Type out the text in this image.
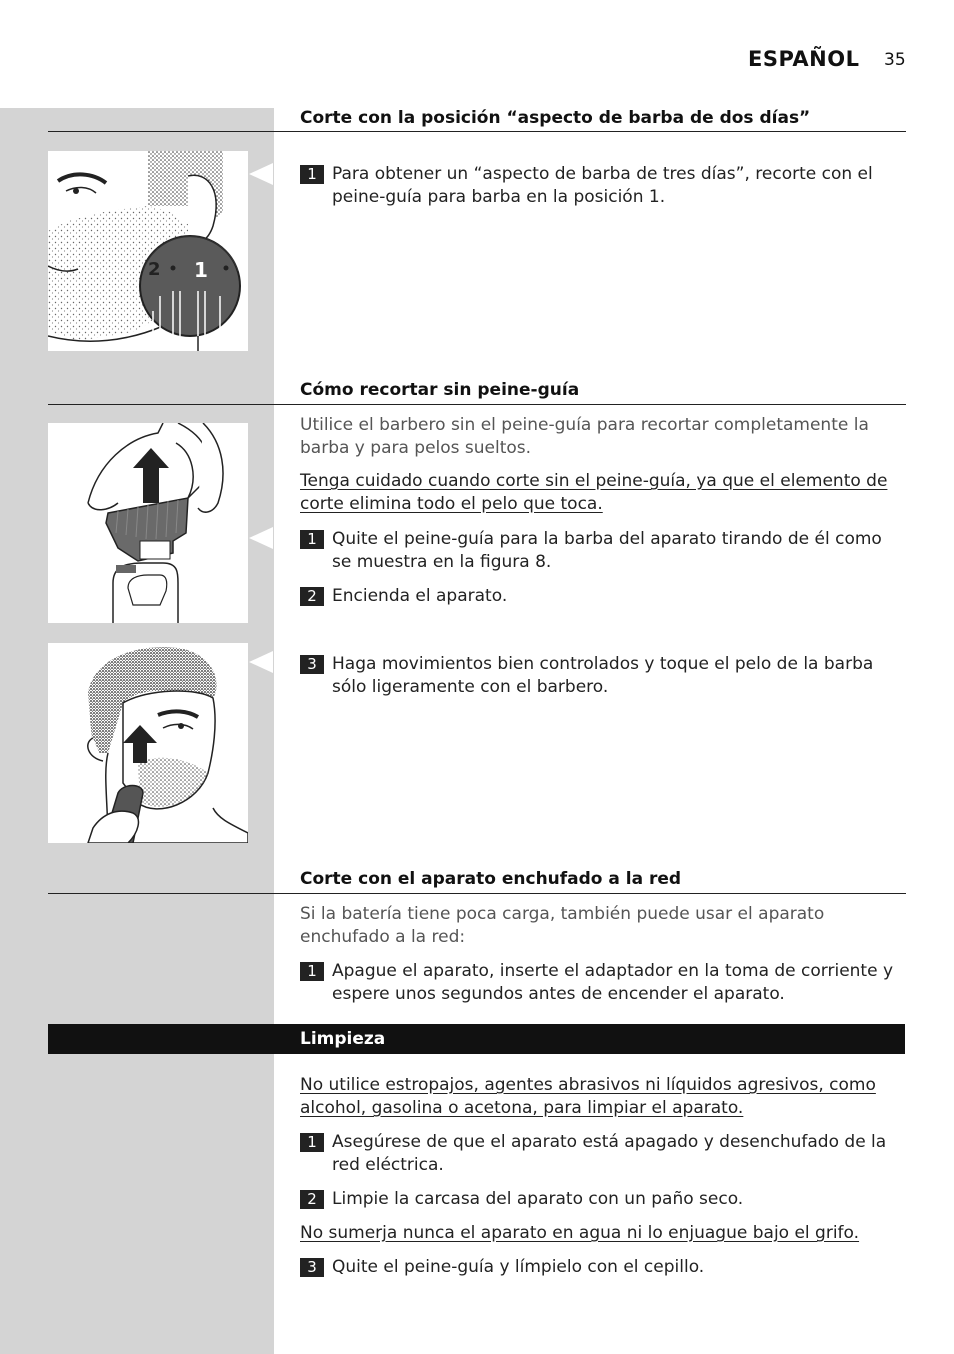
ESPAÑOL 35
Corte con la posición “aspecto de barba de dos días”
2 1
1 Para obtener un “aspecto de barba de tres días”, recorte con el peine-guía para barba en la posición 1.
Cómo recortar sin peine-guía
Utilice el barbero sin el peine-guía para recortar completamente la barba y para pelos sueltos.
Tenga cuidado cuando corte sin el peine-guía, ya que el elemento de corte elimina todo el pelo que toca.
1 Quite el peine-guía para la barba del aparato tirando de él como se muestra en la figura 8.
2 Encienda el aparato.
3 Haga movimientos bien controlados y toque el pelo de la barba sólo ligeramente con el barbero.
Corte con el aparato enchufado a la red
Si la batería tiene poca carga, también puede usar el aparato enchufado a la red:
1 Apague el aparato, inserte el adaptador en la toma de corriente y espere unos segundos antes de encender el aparato.
Limpieza
No utilice estropajos, agentes abrasivos ni líquidos agresivos, como alcohol, gasolina o acetona, para limpiar el aparato.
1 Asegúrese de que el aparato está apagado y desenchufado de la red eléctrica.
2 Limpie la carcasa del aparato con un paño seco.
No sumerja nunca el aparato en agua ni lo enjuague bajo el grifo.
3 Quite el peine-guía y límpielo con el cepillo.
